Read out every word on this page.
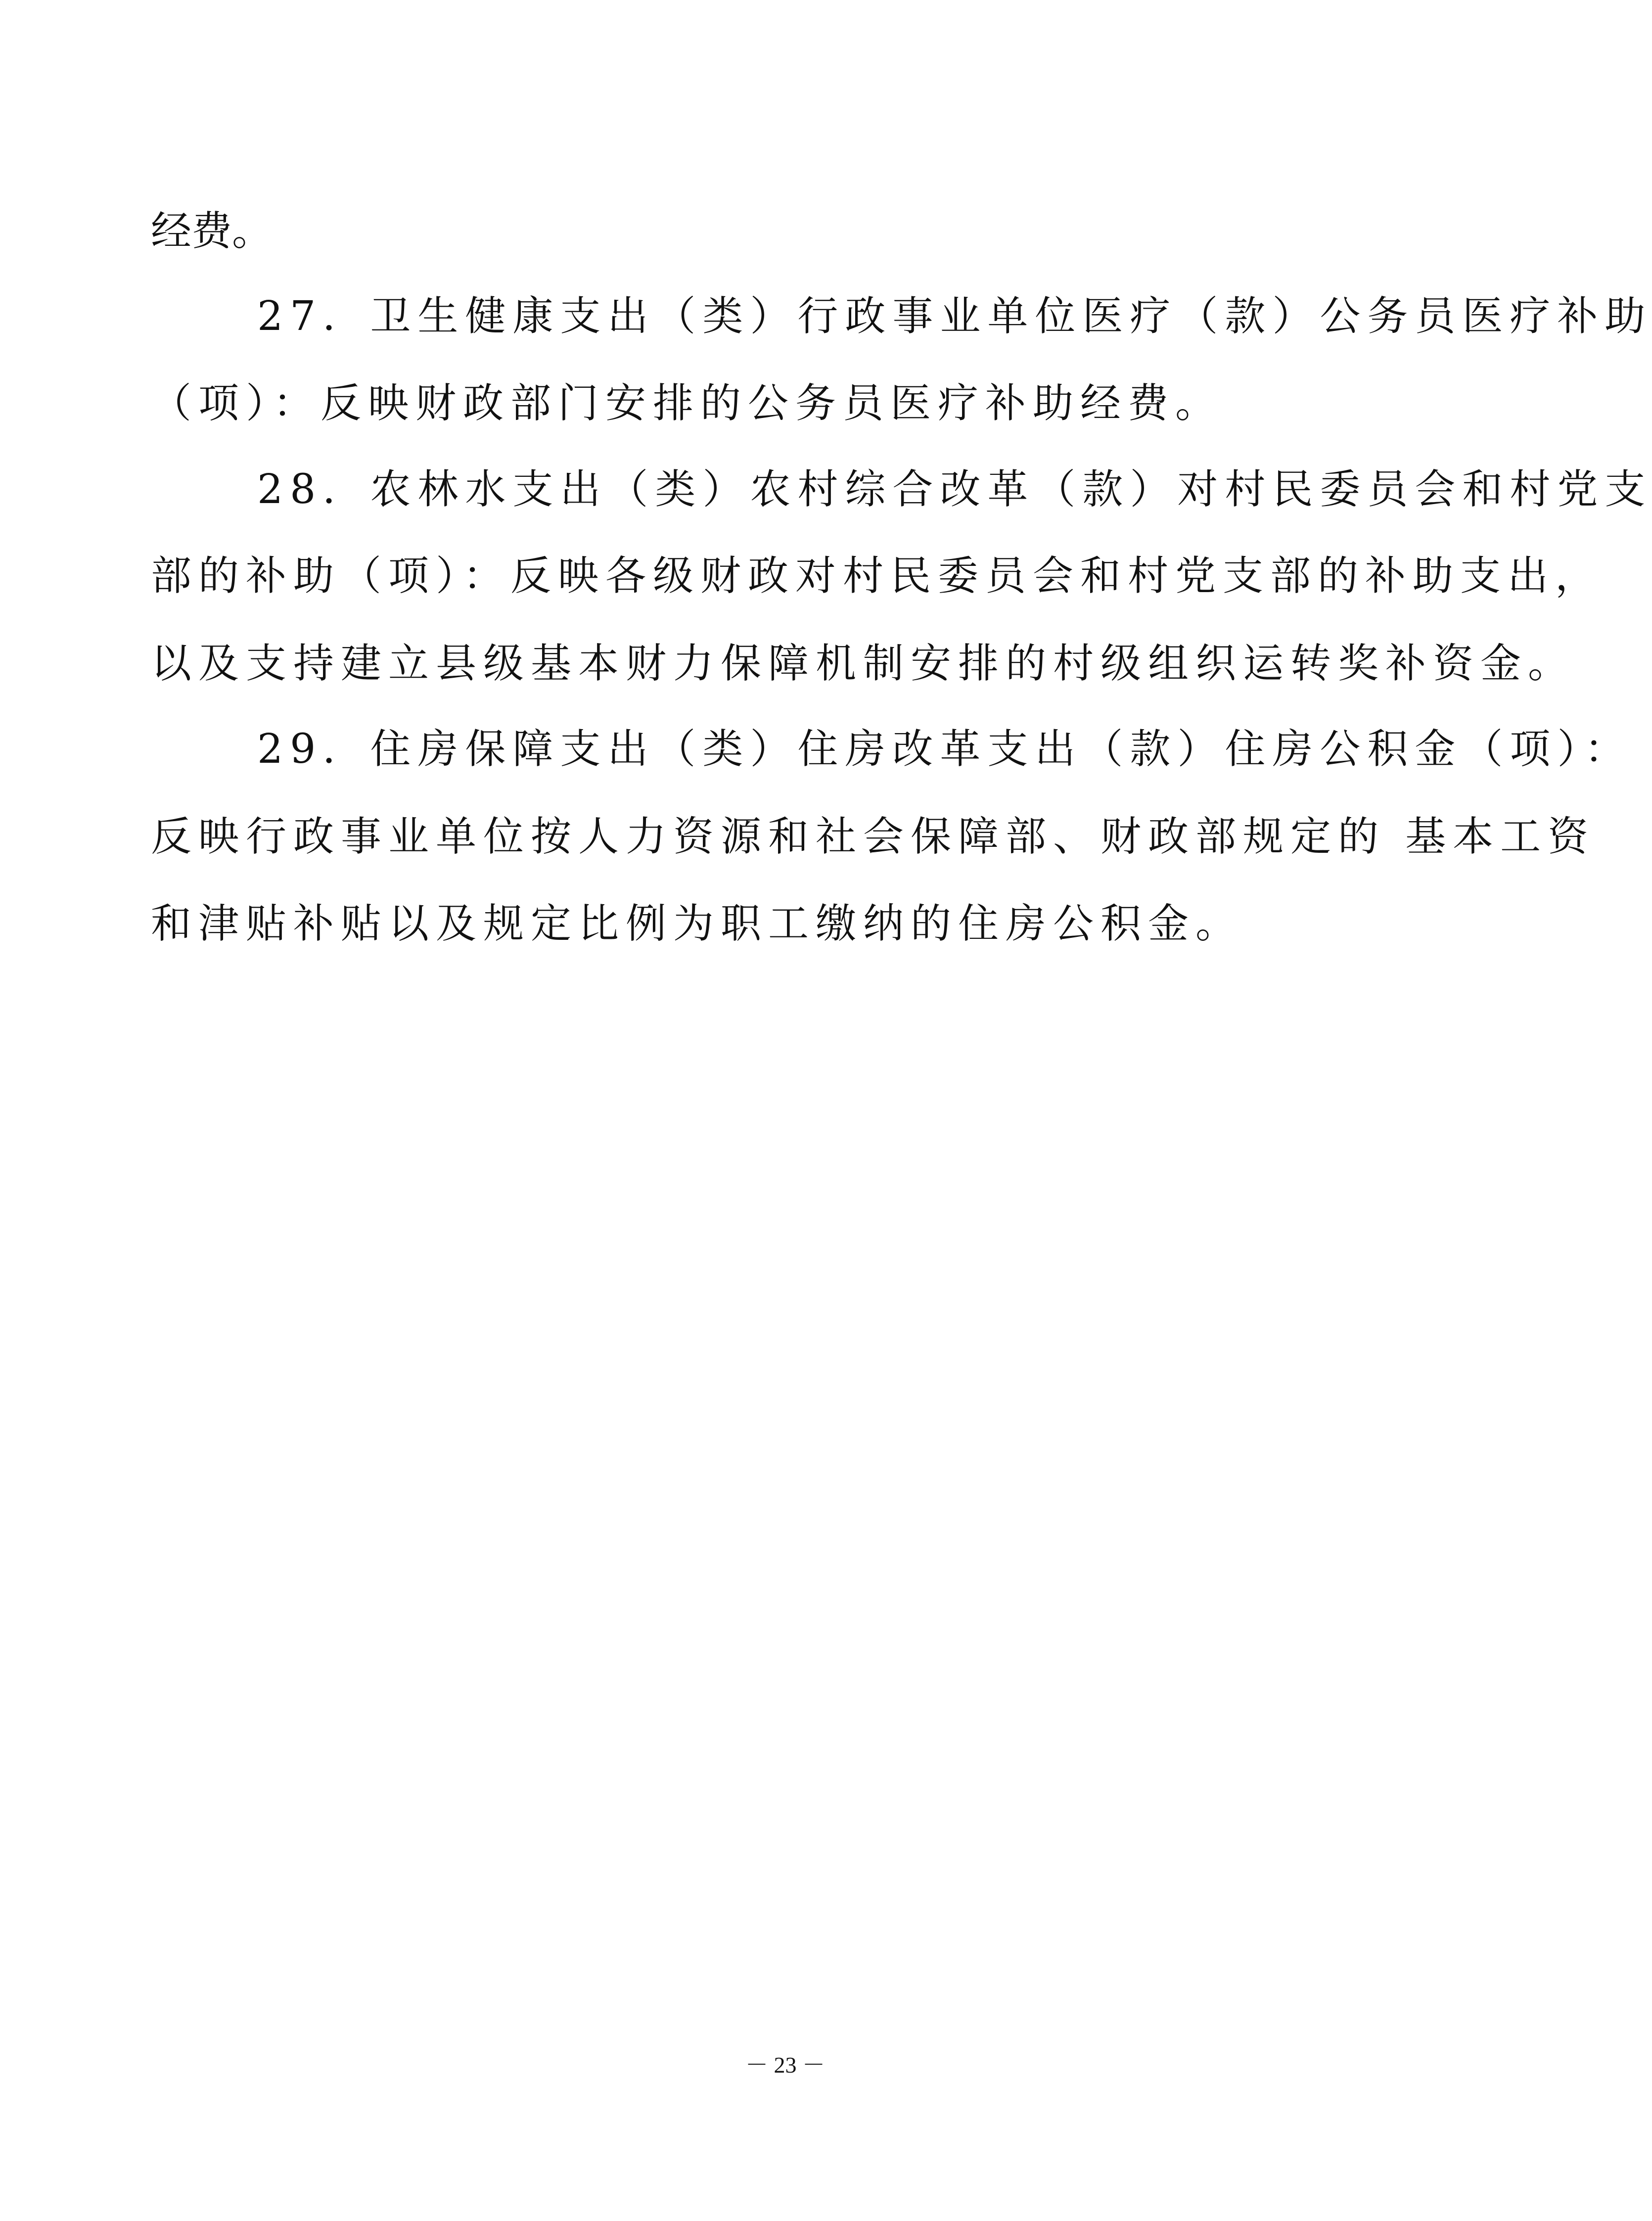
经费。
27．卫生健康支出（类）行政事业单位医疗（款）公务员医疗补助
（项）：反映财政部门安排的公务员医疗补助经费。
28．农林水支出（类）农村综合改革（款）对村民委员会和村党支
部的补助（项）：反映各级财政对村民委员会和村党支部的补助支出，
以及支持建立县级基本财力保障机制安排的村级组织运转奖补资金。
29．住房保障支出（类）住房改革支出（款）住房公积金（项）：
反映行政事业单位按人力资源和社会保障部、财政部规定的 基本工资
和津贴补贴以及规定比例为职工缴纳的住房公积金。
－ 23 －
